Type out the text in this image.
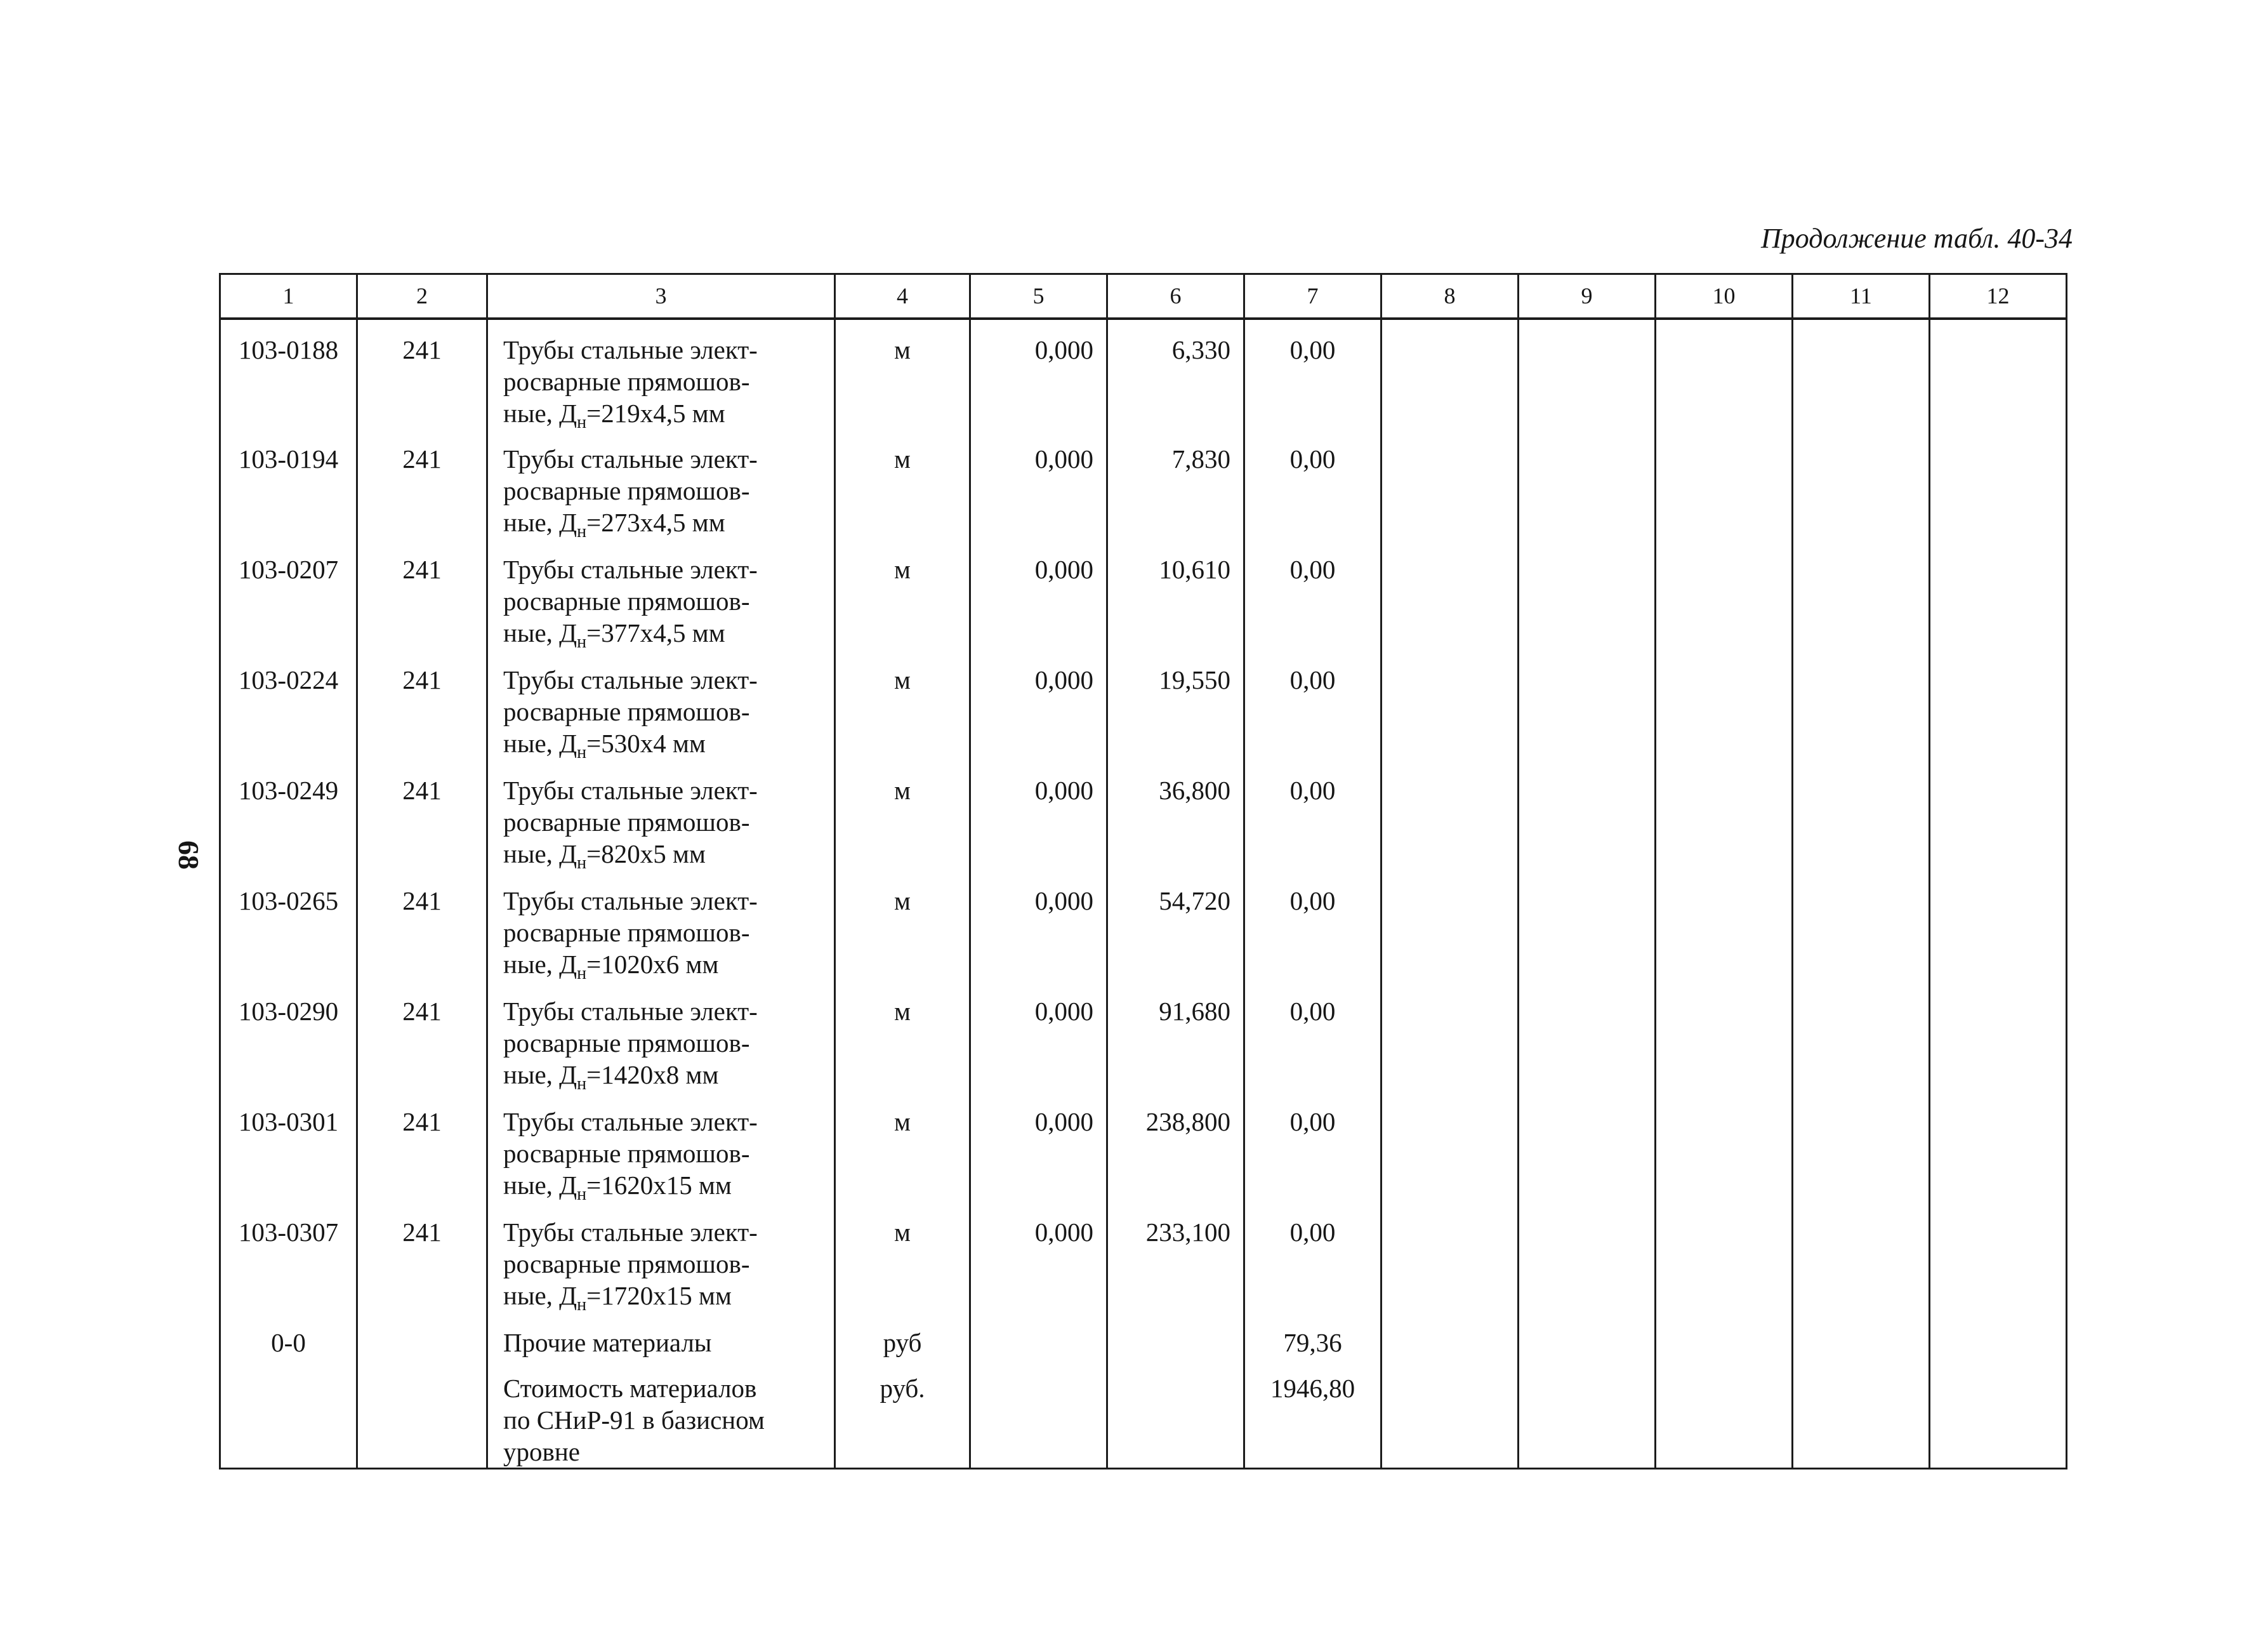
Продолжение табл. 40-34
68
1	2	3	4	5	6	7	8	9	10	11	12
103-0188	241	Трубы стальные элект-
росварные прямошов-
ные, $Д_н=219х4,5$ мм	м	0,000	6,330	0,00					
103-0194	241	Трубы стальные элект-
росварные прямошов-
ные, $Д_н=273х4,5$ мм	м	0,000	7,830	0,00					
103-0207	241	Трубы стальные элект-
росварные прямошов-
ные, $Д_н=377х4,5$ мм	м	0,000	10,610	0,00					
103-0224	241	Трубы стальные элект-
росварные прямошов-
ные, $Д_н=530х4$ мм	м	0,000	19,550	0,00					
103-0249	241	Трубы стальные элект-
росварные прямошов-
ные, $Д_н=820х5$ мм	м	0,000	36,800	0,00					
103-0265	241	Трубы стальные элект-
росварные прямошов-
ные, $Д_н=1020х6$ мм	м	0,000	54,720	0,00					
103-0290	241	Трубы стальные элект-
росварные прямошов-
ные, $Д_н=1420х8$ мм	м	0,000	91,680	0,00					
103-0301	241	Трубы стальные элект-
росварные прямошов-
ные, $Д_н=1620х15$ мм	м	0,000	238,800	0,00					
103-0307	241	Трубы стальные элект-
росварные прямошов-
ные, $Д_н=1720х15$ мм	м	0,000	233,100	0,00					
0-0		Прочие материалы	руб			79,36					

		Стоимость материалов
по СНиР-91 в базисном
уровне	руб.			1946,80					
